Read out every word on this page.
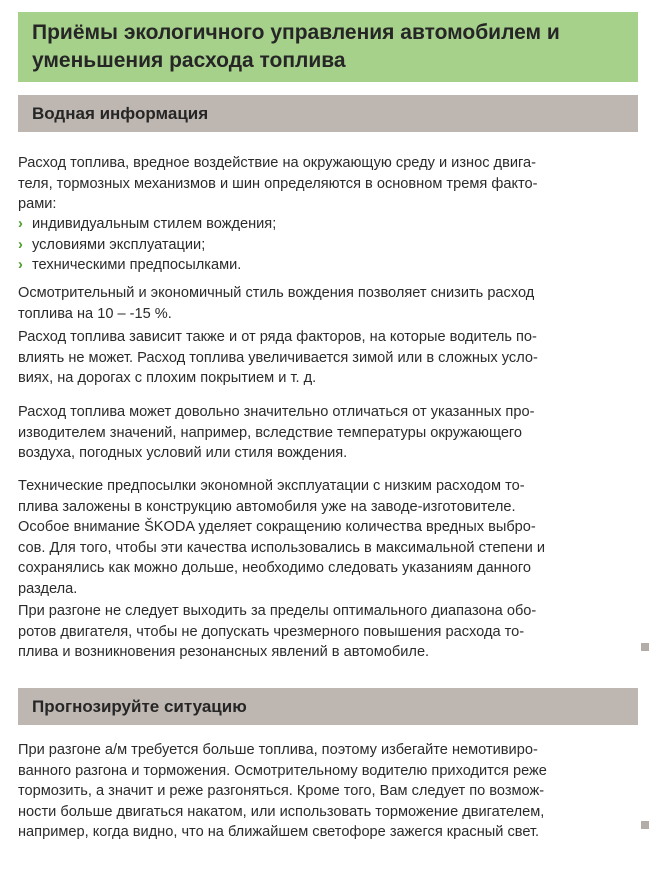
Приёмы экологичного управления автомобилем и
уменьшения расхода топлива
Водная информация

Расход топлива, вредное воздействие на окружающую среду и износ двига-
теля, тормозных механизмов и шин определяются в основном тремя факто-
рами:

› индивидуальным стилем вождения;
› условиями эксплуатации;
› техническими предпосылками.

Осмотрительный и экономичный стиль вождения позволяет снизить расход
топлива на 10 – -15 %.

Расход топлива зависит также и от ряда факторов, на которые водитель по-
влиять не может. Расход топлива увеличивается зимой или в сложных усло-
виях, на дорогах с плохим покрытием и т. д.

Расход топлива может довольно значительно отличаться от указанных про-
изводителем значений, например, вследствие температуры окружающего
воздуха, погодных условий или стиля вождения.

Технические предпосылки экономной эксплуатации с низким расходом то-
плива заложены в конструкцию автомобиля уже на заводе-изготовителе.
Особое внимание ŠKODA уделяет сокращению количества вредных выбро-
сов. Для того, чтобы эти качества использовались в максимальной степени и
сохранялись как можно дольше, необходимо следовать указаниям данного
раздела.

При разгоне не следует выходить за пределы оптимального диапазона обо-
ротов двигателя, чтобы не допускать чрезмерного повышения расхода то-
плива и возникновения резонансных явлений в автомобиле.

Прогнозируйте ситуацию

При разгоне а/м требуется больше топлива, поэтому избегайте немотивиро-
ванного разгона и торможения. Осмотрительному водителю приходится реже
тормозить, а значит и реже разгоняться. Кроме того, Вам следует по возмож-
ности больше двигаться накатом, или использовать торможение двигателем,
например, когда видно, что на ближайшем светофоре зажегся красный свет.
